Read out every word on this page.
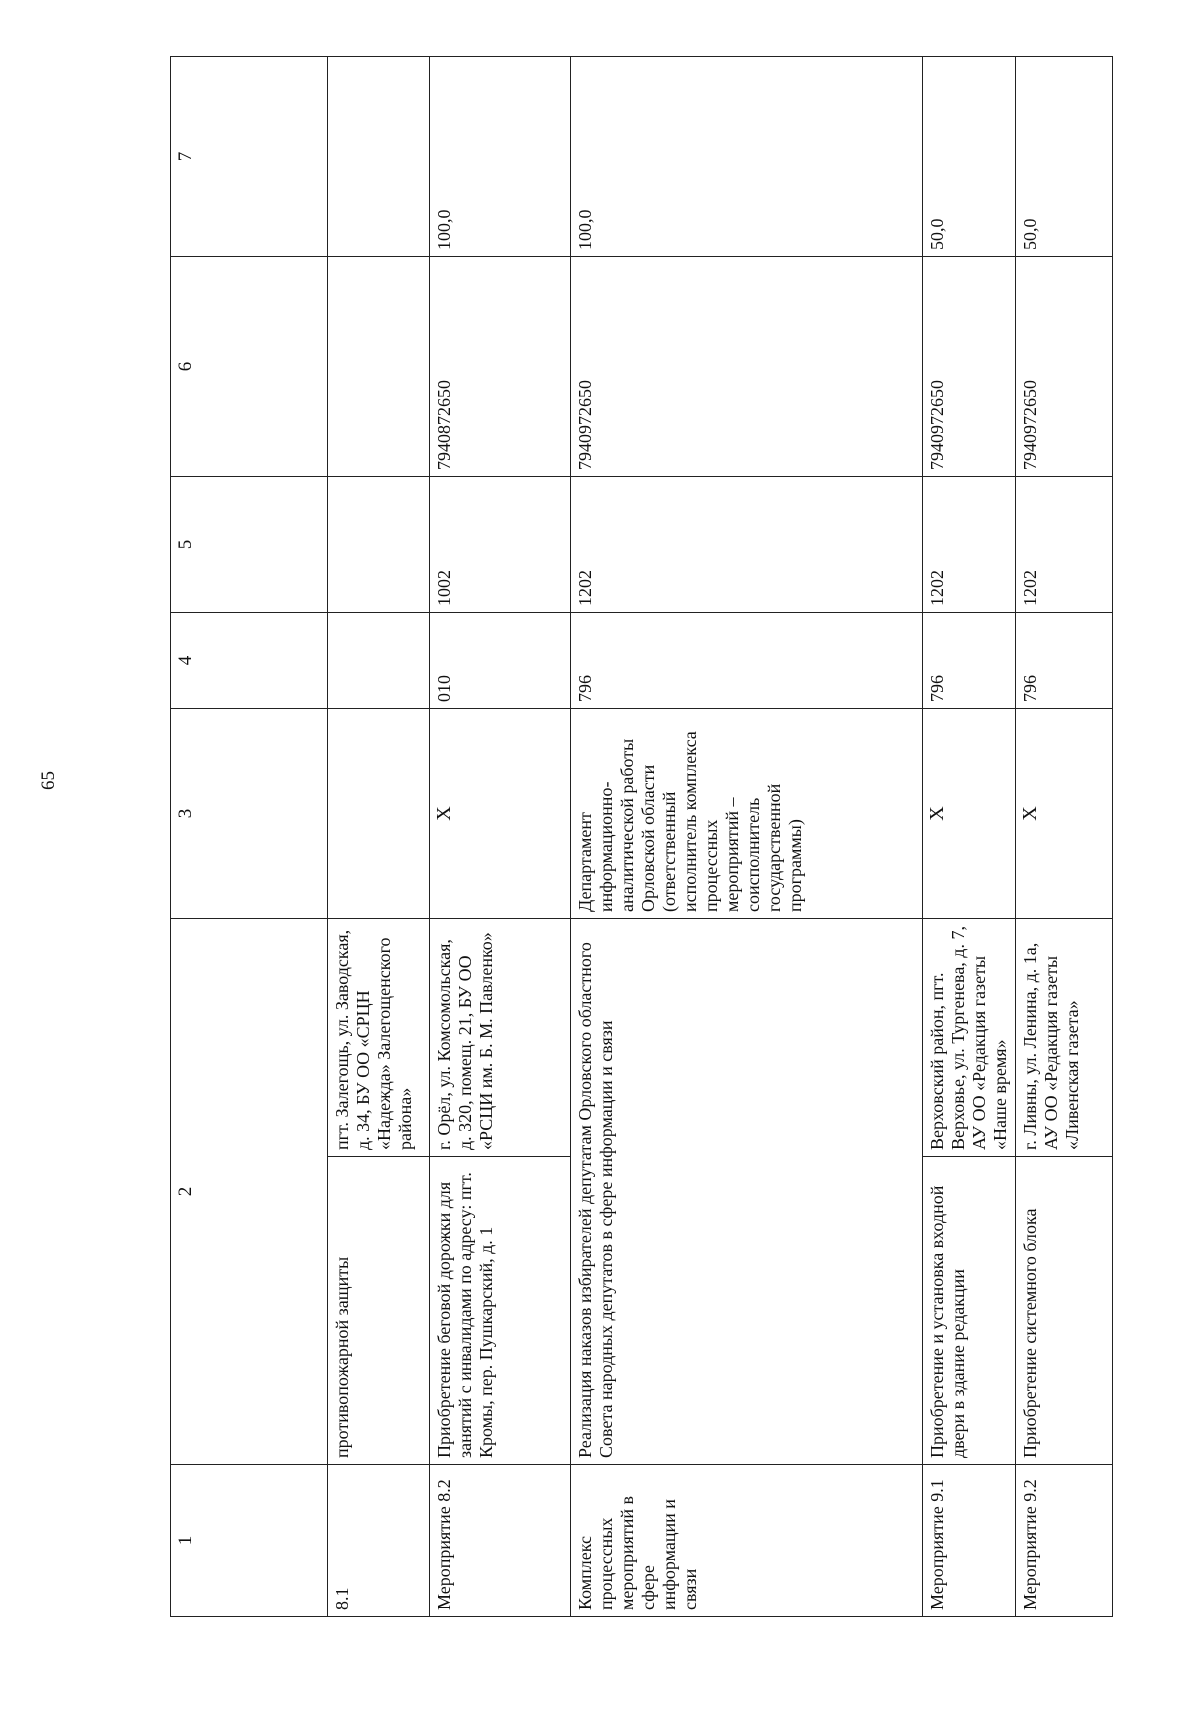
65
1	2		3	4	5	6	7
8.1	противопожарной защиты	пгт. Залегощь, ул. Заводская, д. 34, БУ ОО «СРЦН «Надежда» Залегощенского района»					
Мероприятие 8.2	Приобретение беговой дорожки для занятий с инвалидами по адресу: пгт. Кромы, пер. Пушкарский, д. 1	г. Орёл, ул. Комсомольская, д. 320, помещ. 21, БУ ОО «РСЦИ им. Б. М. Павленко»	X	010	1002	7940872650	100,0
Комплекс процессных мероприятий в сфере информации и связи	Реализация наказов избирателей депутатам Орловского областного Совета народных депутатов в сфере информации и связи		Департамент информационно-аналитической работы Орловской области (ответственный исполнитель комплекса процессных мероприятий – соисполнитель государственной программы)	796	1202	7940972650	100,0
Мероприятие 9.1	Приобретение и установка входной двери в здание редакции	Верховский район, пгт. Верховье, ул. Тургенева, д. 7, АУ ОО «Редакция газеты «Наше время»	X	796	1202	7940972650	50,0
Мероприятие 9.2	Приобретение системного блока	г. Ливны, ул. Ленина, д. 1а, АУ ОО «Редакция газеты «Ливенская газета»	X	796	1202	7940972650	50,0
